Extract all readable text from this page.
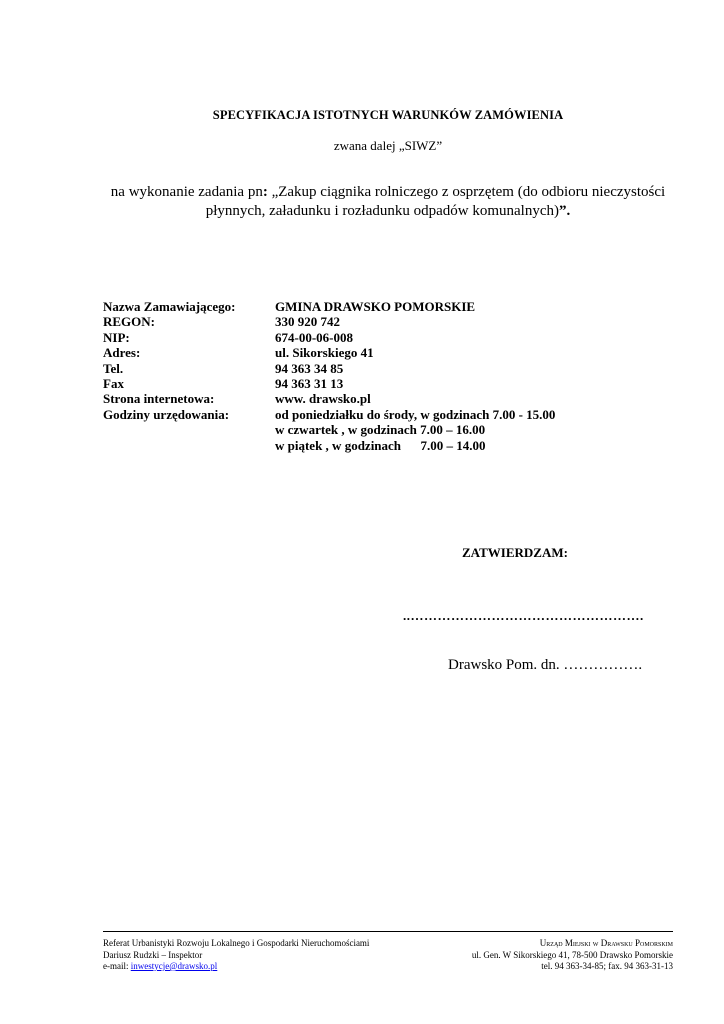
SPECYFIKACJA ISTOTNYCH WARUNKÓW ZAMÓWIENIA
zwana dalej „SIWZ”
na wykonanie zadania pn: „Zakup ciągnika rolniczego z osprzętem (do odbioru nieczystości płynnych, załadunku i rozładunku odpadów komunalnych)”.
Nazwa Zamawiającego:	GMINA DRAWSKO POMORSKIE
REGON:	330 920 742
NIP:	674-00-06-008
Adres:	ul. Sikorskiego 41
Tel.	94 363 34 85
Fax	94 363 31 13
Strona internetowa:	www. drawsko.pl
Godziny urzędowania:	od poniedziałku do środy, w godzinach 7.00 - 15.00
w czwartek , w godzinach 7.00 – 16.00
w piątek , w godzinach      7.00 – 14.00
ZATWIERDZAM:
..…………………………………………….
Drawsko Pom. dn. …………….
Referat Urbanistyki Rozwoju Lokalnego i Gospodarki Nieruchomościami
Dariusz Rudzki – Inspektor
e-mail: inwestycje@drawsko.pl
Urząd Miejski w Drawsku Pomorskim
ul. Gen. W Sikorskiego 41, 78-500 Drawsko Pomorskie
tel. 94 363-34-85; fax. 94 363-31-13
